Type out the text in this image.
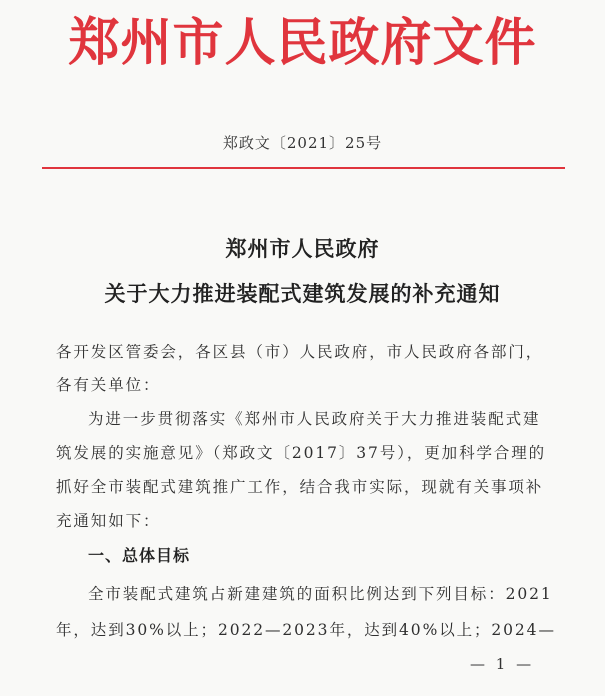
郑州市人民政府文件
郑政文〔2021〕25号
郑州市人民政府
关于大力推进装配式建筑发展的补充通知
各开发区管委会，各区县（市）人民政府，市人民政府各部门，
各有关单位：
为进一步贯彻落实《郑州市人民政府关于大力推进装配式建
筑发展的实施意见》（郑政文〔2017〕37号），更加科学合理的
抓好全市装配式建筑推广工作，结合我市实际，现就有关事项补
充通知如下：
一、总体目标
全市装配式建筑占新建建筑的面积比例达到下列目标：2021
年，达到30%以上；2022—2023年，达到40%以上；2024—
— 1 —
